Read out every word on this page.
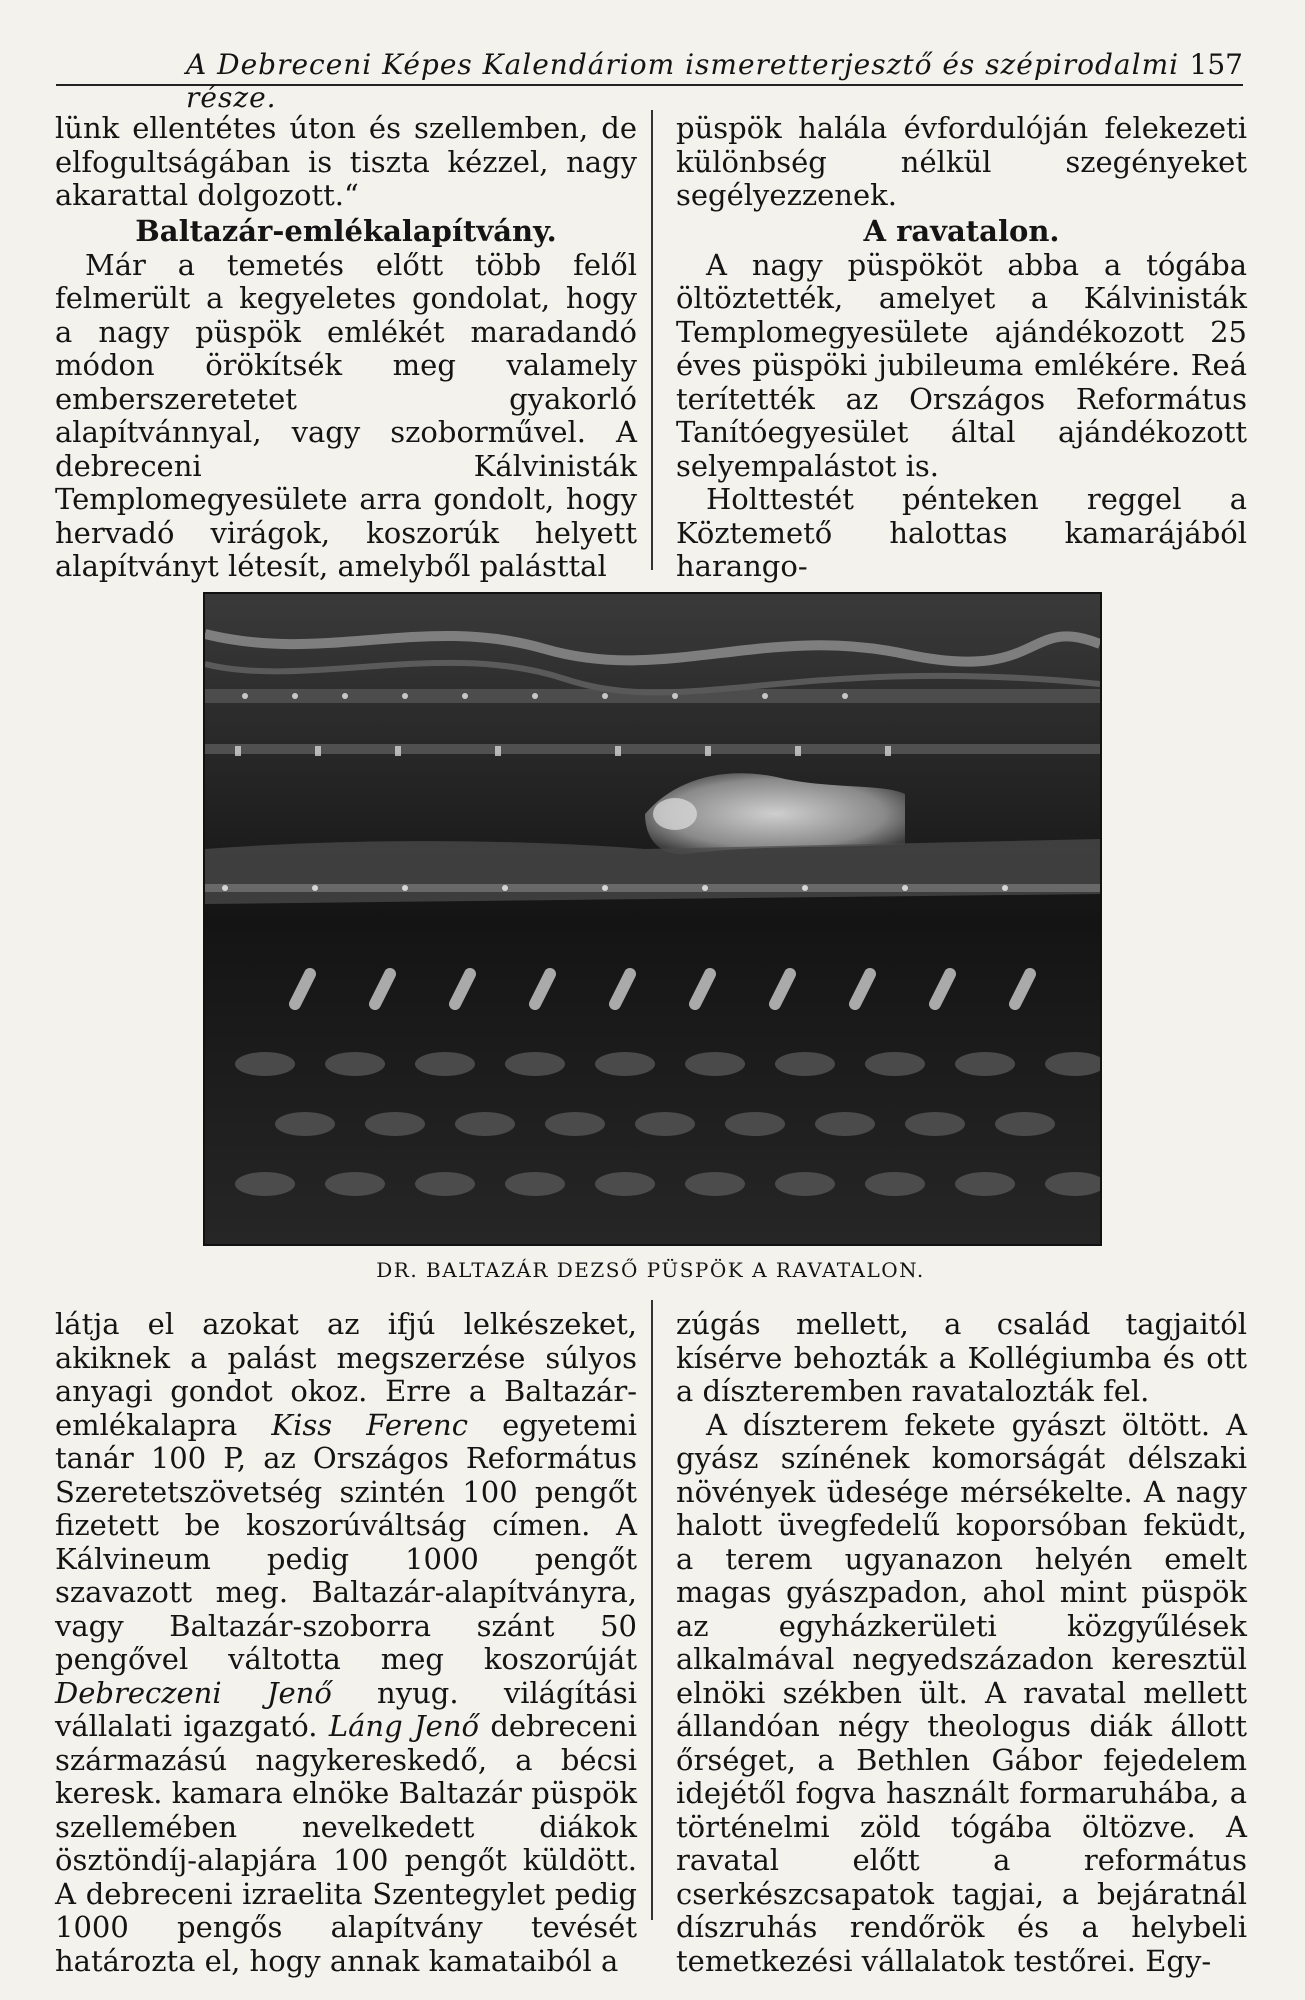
A Debreceni Képes Kalendáriom ismeretterjesztő és szépirodalmi része.
157

lünk ellentétes úton és szellemben, de elfogultságában is tiszta kézzel, nagy akarattal dolgozott.“

Baltazár-emlékalapítvány.

Már a temetés előtt több felől felmerült a kegyeletes gondolat, hogy a nagy püspök emlékét maradandó módon örökítsék meg valamely emberszeretetet gyakorló alapítvánnyal, vagy szoborművel. A debreceni Kálvinisták Templomegyesülete arra gondolt, hogy hervadó virágok, koszorúk helyett alapítványt létesít, amelyből palásttal

püspök halála évfordulóján felekezeti különbség nélkül szegényeket segélyezzenek.

A ravatalon.

A nagy püspököt abba a tógába öltöztették, amelyet a Kálvinisták Templomegyesülete ajándékozott 25 éves püspöki jubileuma emlékére. Reá terítették az Országos Református Tanítóegyesület által ajándékozott selyempalástot is.

Holttestét pénteken reggel a Köztemető halottas kamarájából harango-

DR. BALTAZÁR DEZSŐ PÜSPÖK A RAVATALON.

látja el azokat az ifjú lelkészeket, akiknek a palást megszerzése súlyos anyagi gondot okoz. Erre a Baltazár-emlékalapra Kiss Ferenc egyetemi tanár 100 P, az Országos Református Szeretetszövetség szintén 100 pengőt fizetett be koszorúváltság címen. A Kálvineum pedig 1000 pengőt szavazott meg. Baltazár-alapítványra, vagy Baltazár-szoborra szánt 50 pengővel váltotta meg koszorúját Debreczeni Jenő nyug. világítási vállalati igazgató. Láng Jenő debreceni származású nagykereskedő, a bécsi keresk. kamara elnöke Baltazár püspök szellemében nevelkedett diákok ösztöndíj-alapjára 100 pengőt küldött. A debreceni izraelita Szentegylet pedig 1000 pengős alapítvány tevését határozta el, hogy annak kamataiból a

zúgás mellett, a család tagjaitól kísérve behozták a Kollégiumba és ott a díszteremben ravatalozták fel.

A díszterem fekete gyászt öltött. A gyász színének komorságát délszaki növények üdesége mérsékelte. A nagy halott üvegfedelű koporsóban feküdt, a terem ugyanazon helyén emelt magas gyászpadon, ahol mint püspök az egyházkerületi közgyűlések alkalmával negyedszázadon keresztül elnöki székben ült. A ravatal mellett állandóan négy theologus diák állott őrséget, a Bethlen Gábor fejedelem idejétől fogva használt formaruhába, a történelmi zöld tógába öltözve. A ravatal előtt a református cserkészcsapatok tagjai, a bejáratnál díszruhás rendőrök és a helybeli temetkezési vállalatok testőrei. Egy-
